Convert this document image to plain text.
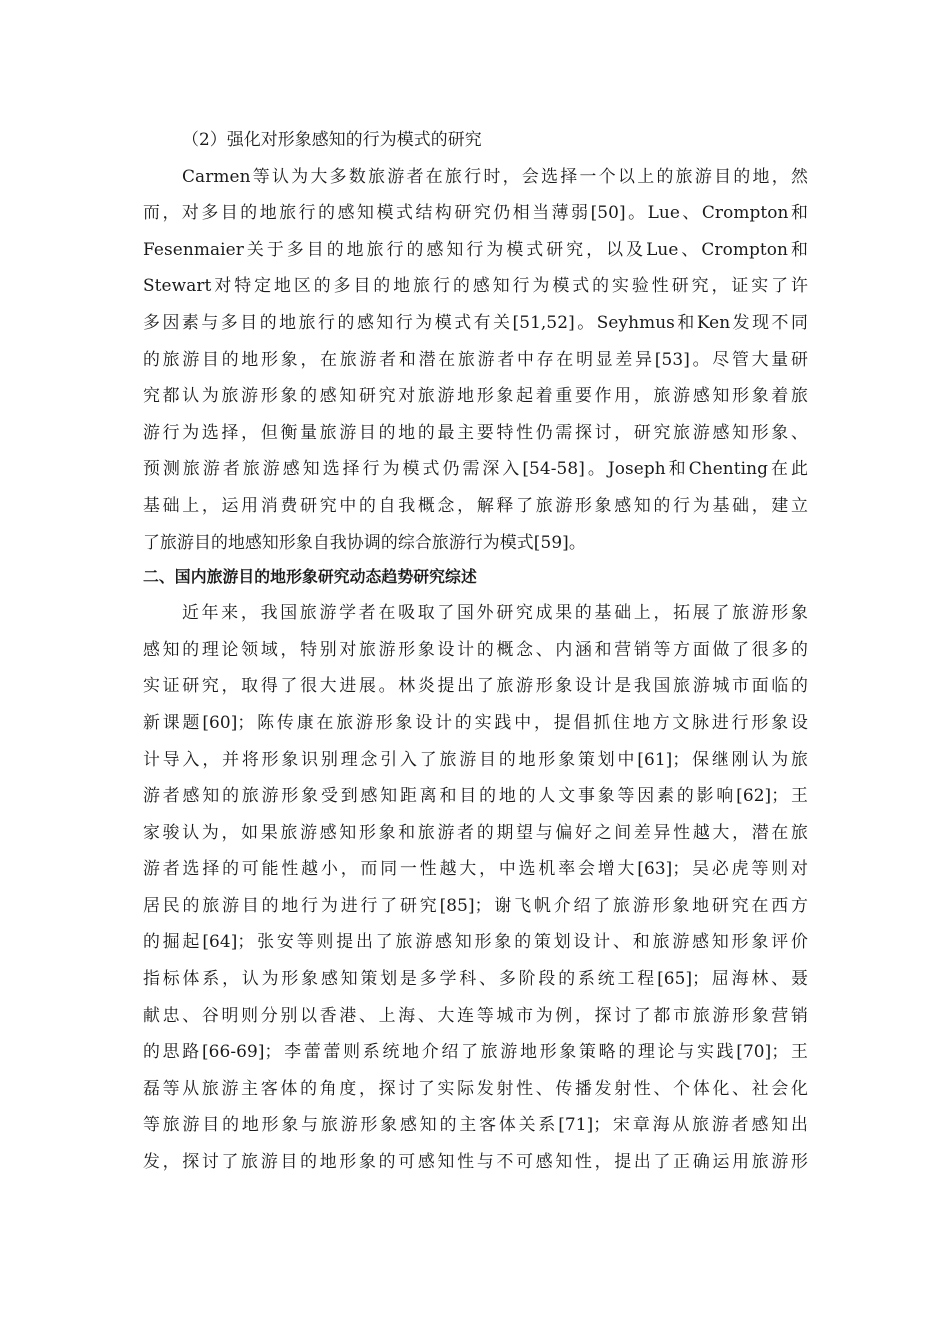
（2）强化对形象感知的行为模式的研究
Carmen等认为大多数旅游者在旅行时，会选择一个以上的旅游目的地，然
而，对多目的地旅行的感知模式结构研究仍相当薄弱[50]。Lue、Crompton和
Fesenmaier关于多目的地旅行的感知行为模式研究，以及Lue、Crompton和
Stewart对特定地区的多目的地旅行的感知行为模式的实验性研究，证实了许
多因素与多目的地旅行的感知行为模式有关[51,52]。Seyhmus和Ken发现不同
的旅游目的地形象，在旅游者和潜在旅游者中存在明显差异[53]。尽管大量研
究都认为旅游形象的感知研究对旅游地形象起着重要作用，旅游感知形象着旅
游行为选择，但衡量旅游目的地的最主要特性仍需探讨，研究旅游感知形象、
预测旅游者旅游感知选择行为模式仍需深入[54-58]。Joseph和Chenting在此
基础上，运用消费研究中的自我概念，解释了旅游形象感知的行为基础，建立
了旅游目的地感知形象自我协调的综合旅游行为模式[59]。
二、国内旅游目的地形象研究动态趋势研究综述
近年来，我国旅游学者在吸取了国外研究成果的基础上，拓展了旅游形象
感知的理论领域，特别对旅游形象设计的概念、内涵和营销等方面做了很多的
实证研究，取得了很大进展。林炎提出了旅游形象设计是我国旅游城市面临的
新课题[60]；陈传康在旅游形象设计的实践中，提倡抓住地方文脉进行形象设
计导入，并将形象识别理念引入了旅游目的地形象策划中[61]；保继刚认为旅
游者感知的旅游形象受到感知距离和目的地的人文事象等因素的影响[62]；王
家骏认为，如果旅游感知形象和旅游者的期望与偏好之间差异性越大，潜在旅
游者选择的可能性越小，而同一性越大，中选机率会增大[63]；吴必虎等则对
居民的旅游目的地行为进行了研究[85]；谢飞帆介绍了旅游形象地研究在西方
的掘起[64]；张安等则提出了旅游感知形象的策划设计、和旅游感知形象评价
指标体系，认为形象感知策划是多学科、多阶段的系统工程[65]；屈海林、聂
献忠、谷明则分别以香港、上海、大连等城市为例，探讨了都市旅游形象营销
的思路[66-69]；李蕾蕾则系统地介绍了旅游地形象策略的理论与实践[70]；王
磊等从旅游主客体的角度，探讨了实际发射性、传播发射性、个体化、社会化
等旅游目的地形象与旅游形象感知的主客体关系[71]；宋章海从旅游者感知出
发，探讨了旅游目的地形象的可感知性与不可感知性，提出了正确运用旅游形
